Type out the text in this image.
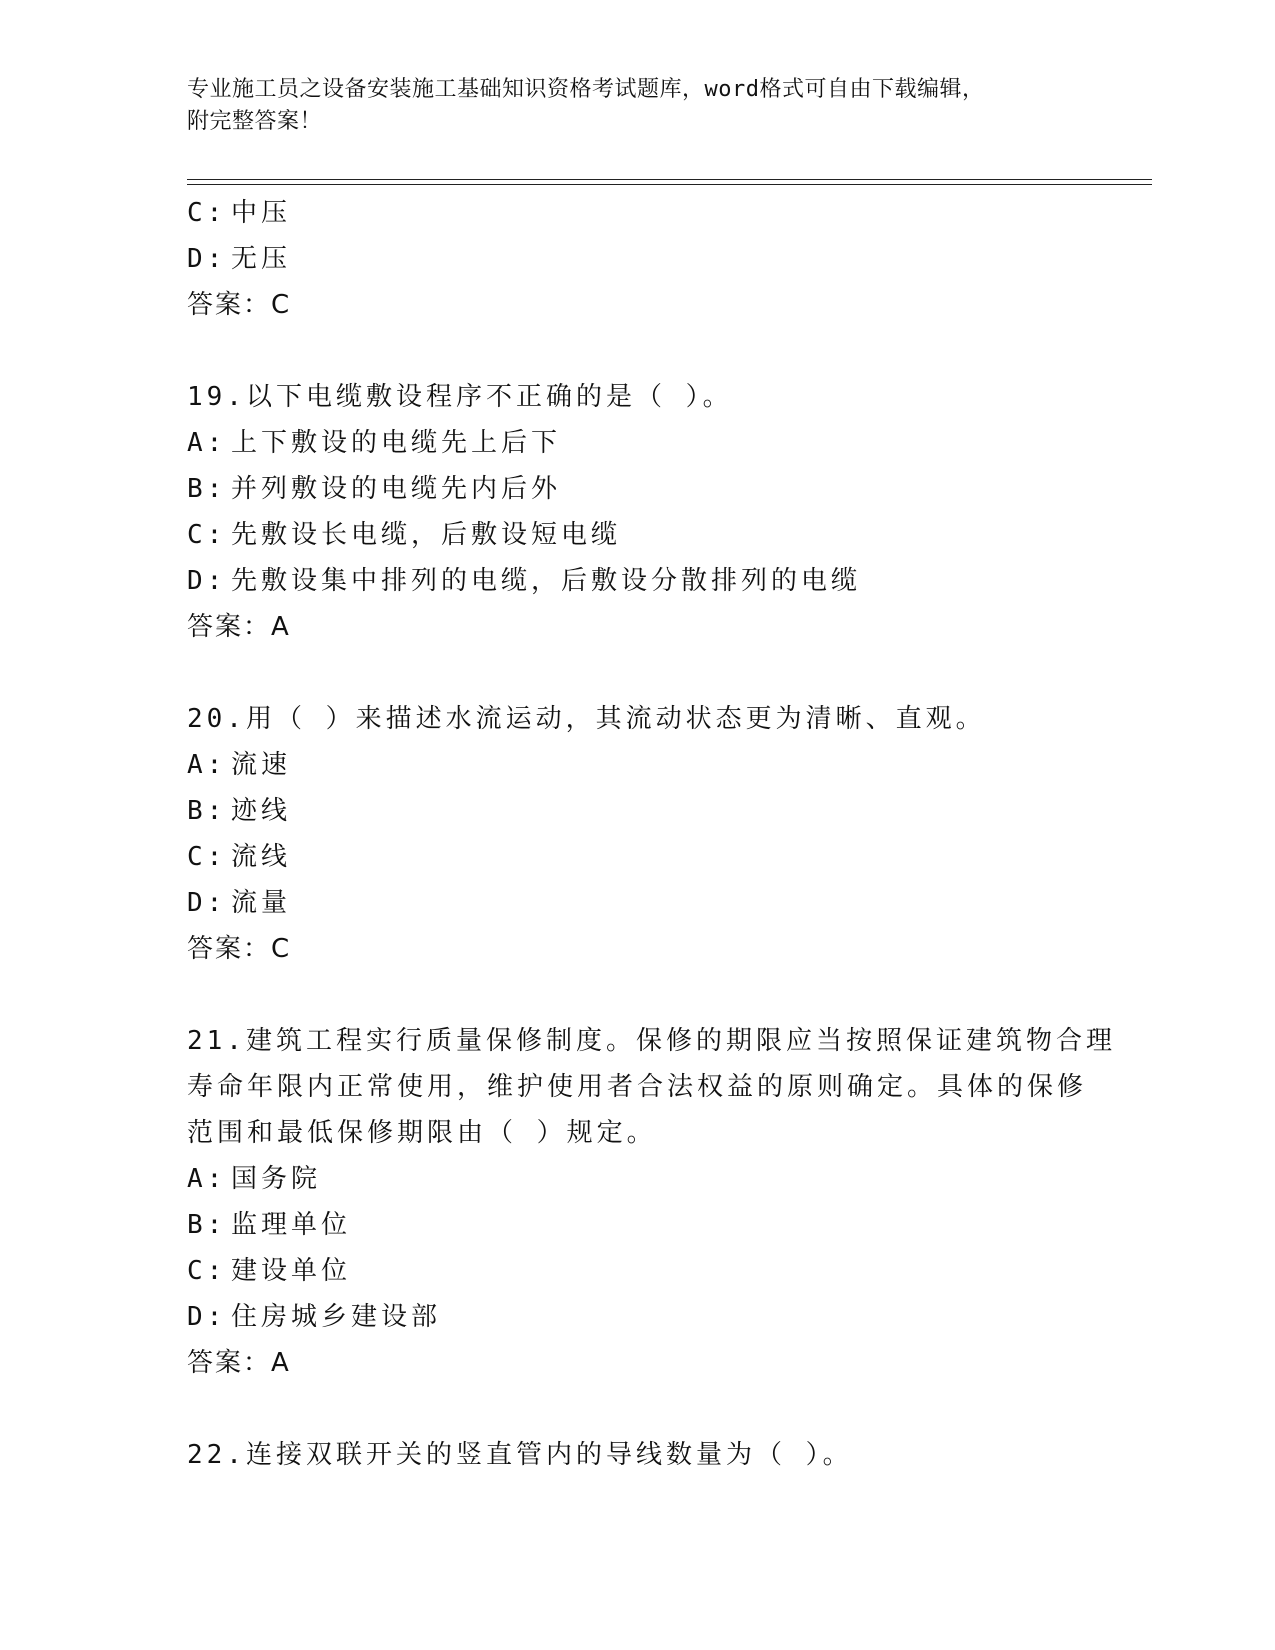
专业施工员之设备安装施工基础知识资格考试题库，word格式可自由下载编辑，

附完整答案！

C: 中压
D: 无压
答案：C
19.以下电缆敷设程序不正确的是（ ）。
A: 上下敷设的电缆先上后下
B: 并列敷设的电缆先内后外
C: 先敷设长电缆，后敷设短电缆
D: 先敷设集中排列的电缆，后敷设分散排列的电缆
答案：A
20.用（ ）来描述水流运动，其流动状态更为清晰、直观。
A: 流速
B: 迹线
C: 流线
D: 流量
答案：C
21.建筑工程实行质量保修制度。保修的期限应当按照保证建筑物合理
寿命年限内正常使用，维护使用者合法权益的原则确定。具体的保修
范围和最低保修期限由（ ）规定。
A: 国务院
B: 监理单位
C: 建设单位
D: 住房城乡建设部
答案：A
22.连接双联开关的竖直管内的导线数量为（ ）。
